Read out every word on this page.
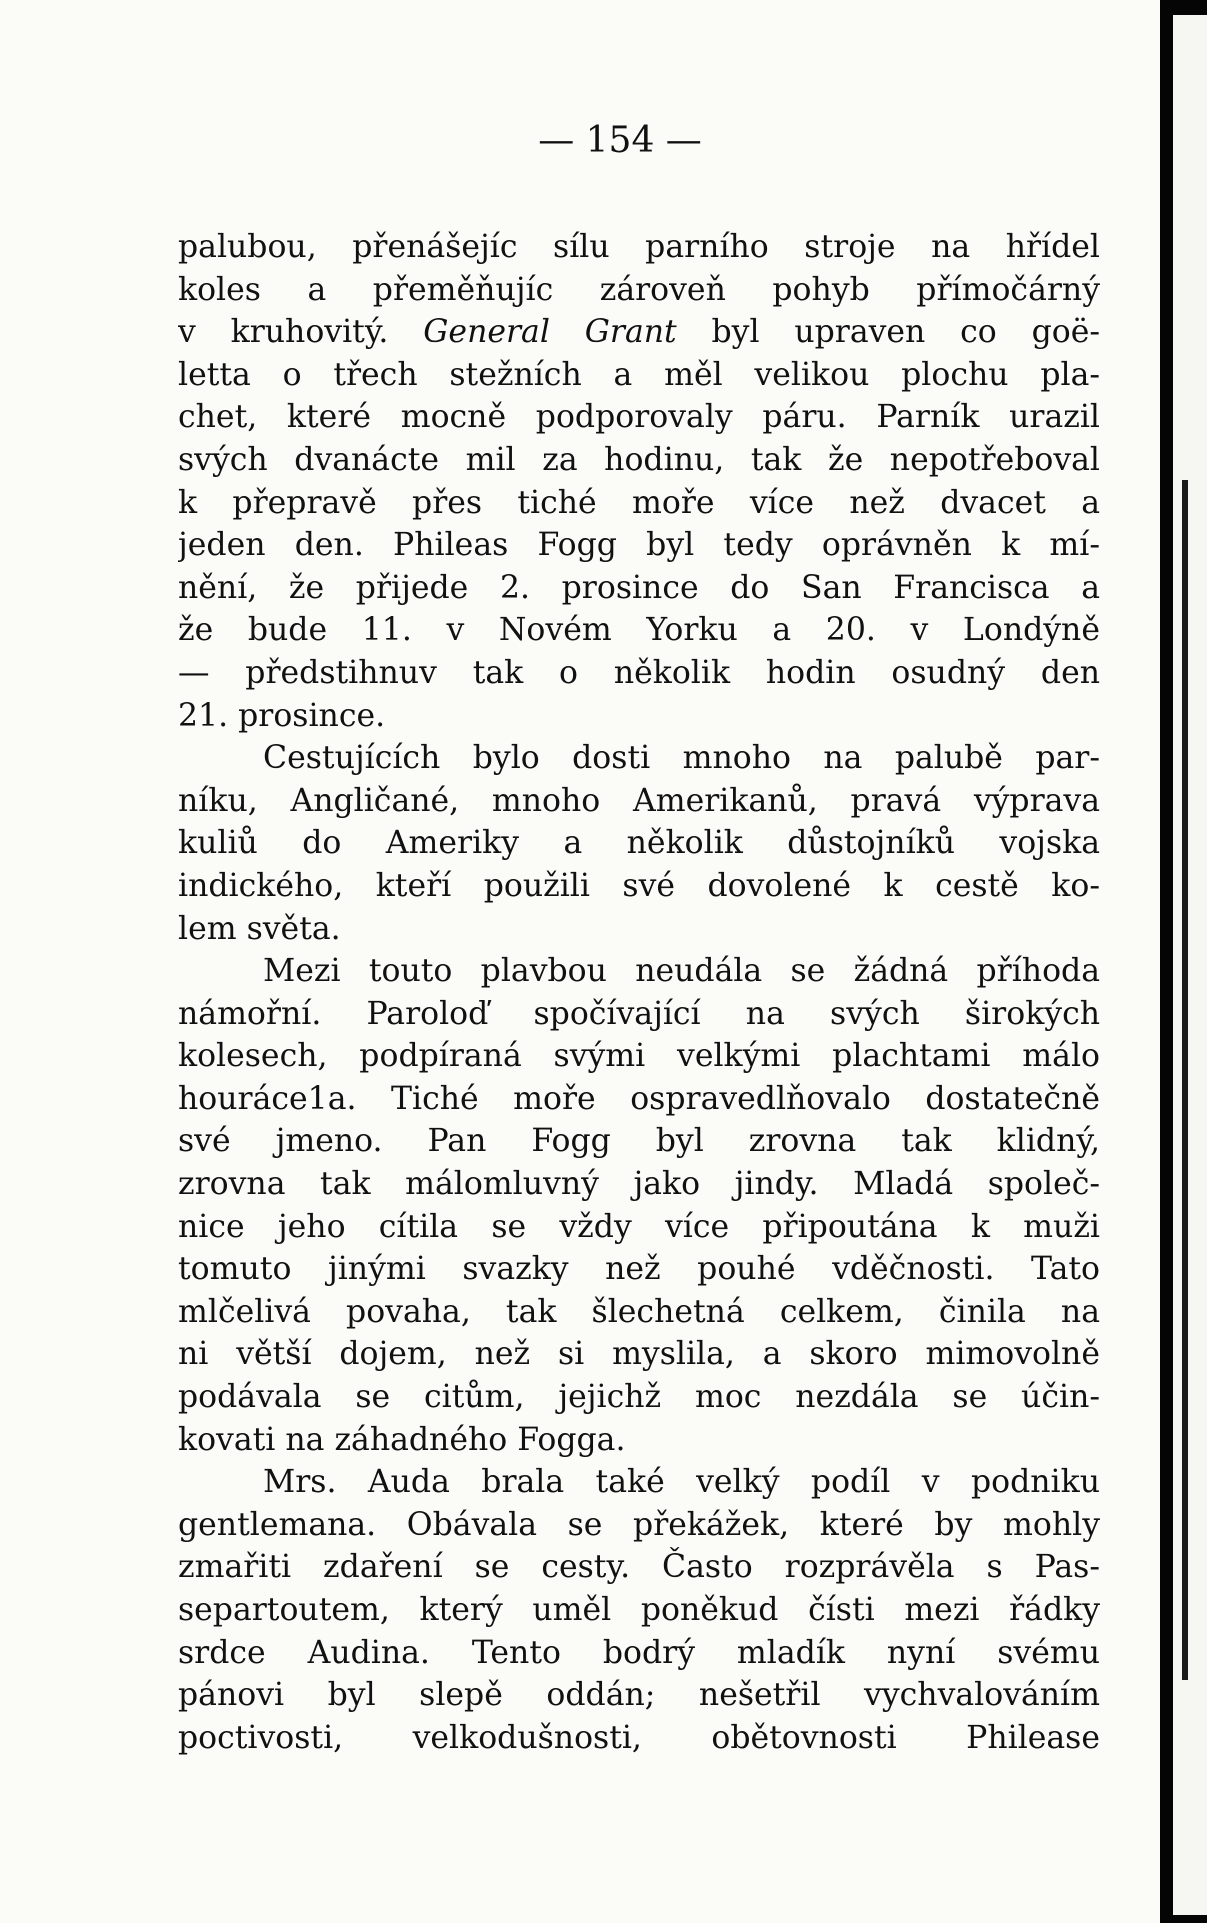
— 154 —
palubou, přenášejíc sílu parního stroje na hřídel
koles a přeměňujíc zároveň pohyb přímočárný
v kruhovitý. General Grant byl upraven co goë-
letta o třech stežních a měl velikou plochu pla-
chet, které mocně podporovaly páru. Parník urazil
svých dvanácte mil za hodinu, tak že nepotřeboval
k přepravě přes tiché moře více než dvacet a
jeden den. Phileas Fogg byl tedy oprávněn k mí-
nění, že přijede 2. prosince do San Francisca a
že bude 11. v Novém Yorku a 20. v Londýně
— předstihnuv tak o několik hodin osudný den
21. prosince.
Cestujících bylo dosti mnoho na palubě par-
níku, Angličané, mnoho Amerikanů, pravá výprava
kuliů do Ameriky a několik důstojníků vojska
indického, kteří použili své dovolené k cestě ko-
lem světa.
Mezi touto plavbou neudála se žádná příhoda
námořní. Paroloď spočívající na svých širokých
kolesech, podpíraná svými velkými plachtami málo
houráce1a. Tiché moře ospravedlňovalo dostatečně
své jmeno. Pan Fogg byl zrovna tak klidný,
zrovna tak málomluvný jako jindy. Mladá společ-
nice jeho cítila se vždy více připoutána k muži
tomuto jinými svazky než pouhé vděčnosti. Tato
mlčelivá povaha, tak šlechetná celkem, činila na
ni větší dojem, než si myslila, a skoro mimovolně
podávala se citům, jejichž moc nezdála se účin-
kovati na záhadného Fogga.
Mrs. Auda brala také velký podíl v podniku
gentlemana. Obávala se překážek, které by mohly
zmařiti zdaření se cesty. Často rozprávěla s Pas-
separtoutem, který uměl poněkud čísti mezi řádky
srdce Audina. Tento bodrý mladík nyní svému
pánovi byl slepě oddán; nešetřil vychvalováním
poctivosti, velkodušnosti, obětovnosti Philease
